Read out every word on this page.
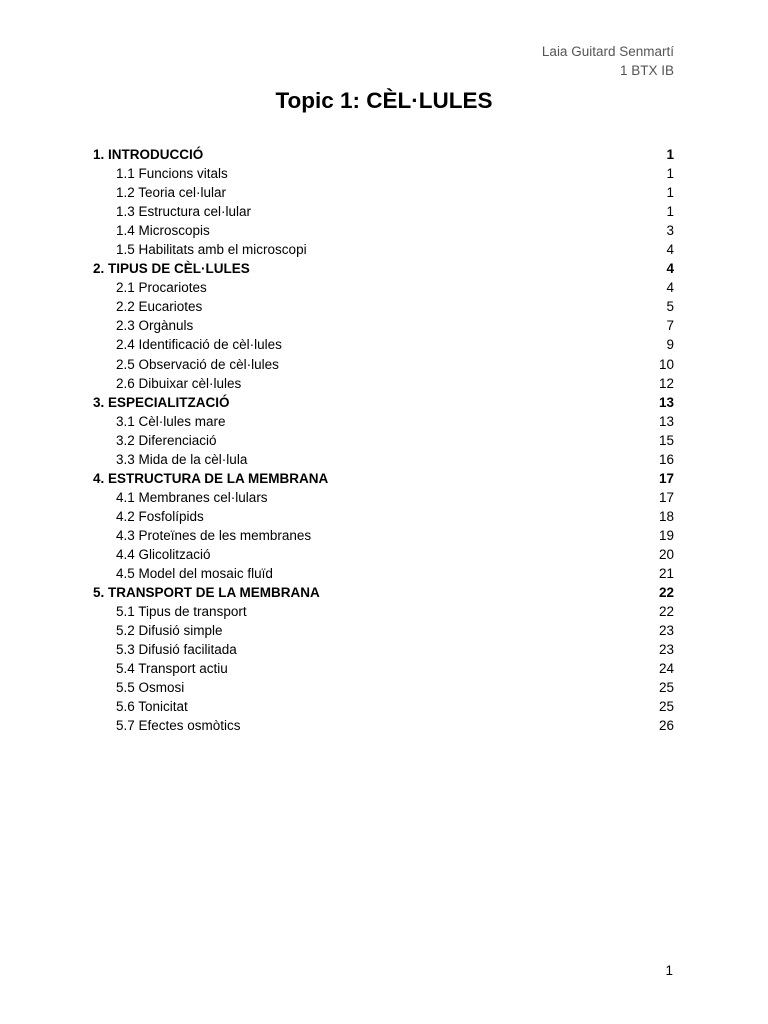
Laia Guitard Senmartí
1 BTX IB
Topic 1: CÈL·LULES
1. INTRODUCCIÓ	1
1.1 Funcions vitals	1
1.2 Teoria cel·lular	1
1.3 Estructura cel·lular	1
1.4 Microscopis	3
1.5 Habilitats amb el microscopi	4
2. TIPUS DE CÈL·LULES	4
2.1 Procariotes	4
2.2 Eucariotes	5
2.3 Orgànuls	7
2.4 Identificació de cèl·lules	9
2.5 Observació de cèl·lules	10
2.6 Dibuixar cèl·lules	12
3. ESPECIALITZACIÓ	13
3.1 Cèl·lules mare	13
3.2 Diferenciació	15
3.3 Mida de la cèl·lula	16
4. ESTRUCTURA DE LA MEMBRANA	17
4.1 Membranes cel·lulars	17
4.2 Fosfolípids	18
4.3 Proteïnes de les membranes	19
4.4 Glicolització	20
4.5 Model del mosaic fluïd	21
5. TRANSPORT DE LA MEMBRANA	22
5.1 Tipus de transport	22
5.2 Difusió simple	23
5.3 Difusió facilitada	23
5.4 Transport actiu	24
5.5 Osmosi	25
5.6 Tonicitat	25
5.7 Efectes osmòtics	26
1
